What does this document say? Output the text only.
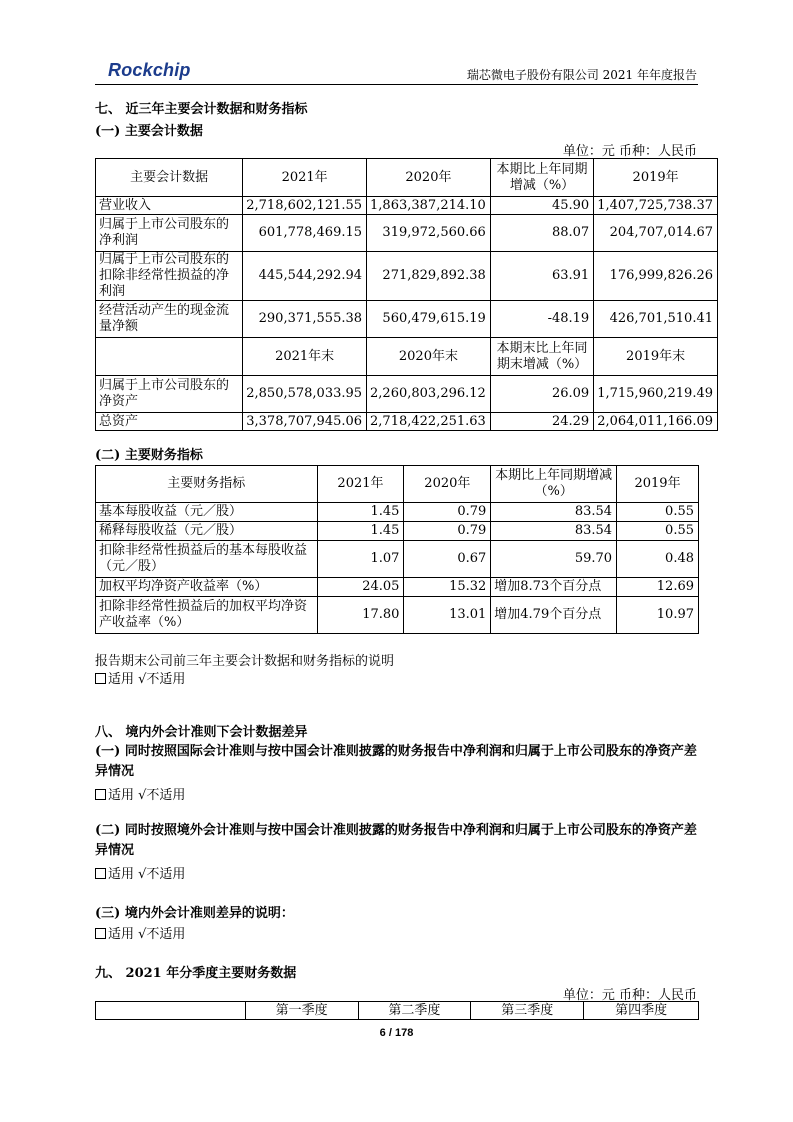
Rockchip	瑞芯微电子股份有限公司 2021 年年度报告
七、 近三年主要会计数据和财务指标
(一) 主要会计数据
单位：元 币种：人民币
主要会计数据	2021年	2020年	本期比上年同期增减（%）	2019年
营业收入	2,718,602,121.55	1,863,387,214.10	45.90	1,407,725,738.37
归属于上市公司股东的净利润	601,778,469.15	319,972,560.66	88.07	204,707,014.67
归属于上市公司股东的扣除非经常性损益的净利润	445,544,292.94	271,829,892.38	63.91	176,999,826.26
经营活动产生的现金流量净额	290,371,555.38	560,479,615.19	-48.19	426,701,510.41
	2021年末	2020年末	本期末比上年同期末增减（%）	2019年末
归属于上市公司股东的净资产	2,850,578,033.95	2,260,803,296.12	26.09	1,715,960,219.49
总资产	3,378,707,945.06	2,718,422,251.63	24.29	2,064,011,166.09
(二) 主要财务指标
主要财务指标	2021年	2020年	本期比上年同期增减（%）	2019年
基本每股收益（元／股）	1.45	0.79	83.54	0.55
稀释每股收益（元／股）	1.45	0.79	83.54	0.55
扣除非经常性损益后的基本每股收益（元／股）	1.07	0.67	59.70	0.48
加权平均净资产收益率（%）	24.05	15.32	增加8.73个百分点	12.69
扣除非经常性损益后的加权平均净资产收益率（%）	17.80	13.01	增加4.79个百分点	10.97
报告期末公司前三年主要会计数据和财务指标的说明
适用 √不适用
八、 境内外会计准则下会计数据差异
(一) 同时按照国际会计准则与按中国会计准则披露的财务报告中净利润和归属于上市公司股东的净资产差异情况
适用 √不适用
(二) 同时按照境外会计准则与按中国会计准则披露的财务报告中净利润和归属于上市公司股东的净资产差异情况
适用 √不适用
(三) 境内外会计准则差异的说明：
适用 √不适用
九、 2021 年分季度主要财务数据
单位：元 币种：人民币
	第一季度	第二季度	第三季度	第四季度
6 / 178
